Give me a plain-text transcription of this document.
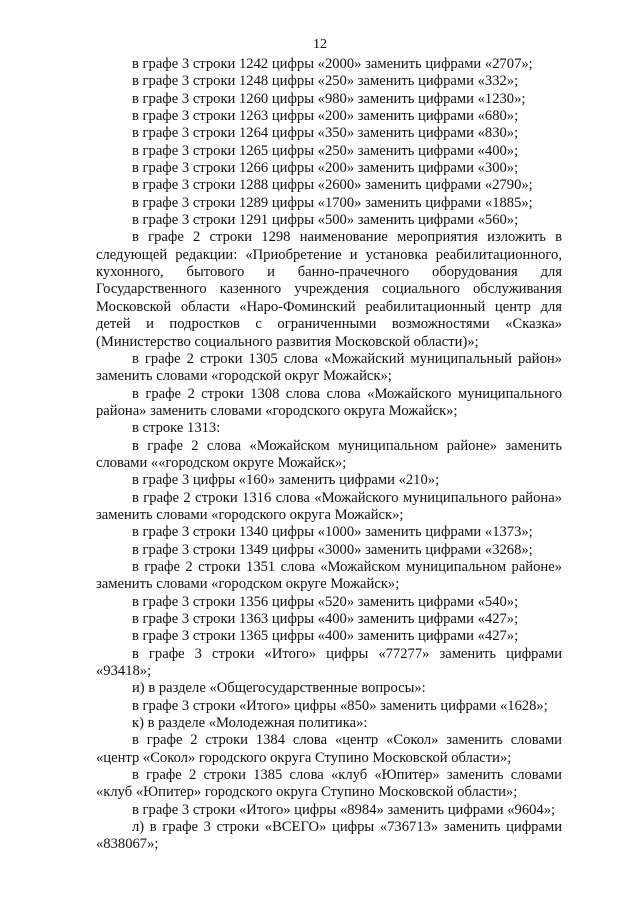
12

в графе 3 строки 1242 цифры «2000» заменить цифрами «2707»;

в графе 3 строки 1248 цифры «250» заменить цифрами «332»;

в графе 3 строки 1260 цифры «980» заменить цифрами «1230»;

в графе 3 строки 1263 цифры «200» заменить цифрами «680»;

в графе 3 строки 1264 цифры «350» заменить цифрами «830»;

в графе 3 строки 1265 цифры «250» заменить цифрами «400»;

в графе 3 строки 1266 цифры «200» заменить цифрами «300»;

в графе 3 строки 1288 цифры «2600» заменить цифрами «2790»;

в графе 3 строки 1289 цифры «1700» заменить цифрами «1885»;

в графе 3 строки 1291 цифры «500» заменить цифрами «560»;

в графе 2 строки 1298 наименование мероприятия изложить в следующей редакции: «Приобретение и установка реабилитационного, кухонного, бытового и банно-прачечного оборудования для Государственного казенного учреждения социального обслуживания Московской области «Наро-Фоминский реабилитационный центр для детей и подростков с ограниченными возможностями «Сказка» (Министерство социального развития Московской области)»;

в графе 2 строки 1305 слова «Можайский муниципальный район» заменить словами «городской округ Можайск»;

в графе 2 строки 1308 слова слова «Можайского муниципального района» заменить словами «городского округа Можайск»;

в строке 1313:

в графе 2 слова «Можайском муниципальном районе» заменить словами ««городском округе Можайск»;

в графе 3 цифры «160» заменить цифрами «210»;

в графе 2 строки 1316 слова «Можайского муниципального района» заменить словами «городского округа Можайск»;

в графе 3 строки 1340 цифры «1000» заменить цифрами «1373»;

в графе 3 строки 1349 цифры «3000» заменить цифрами «3268»;

в графе 2 строки 1351 слова «Можайском муниципальном районе» заменить словами «городском округе Можайск»;

в графе 3 строки 1356 цифры «520» заменить цифрами «540»;

в графе 3 строки 1363 цифры «400» заменить цифрами «427»;

в графе 3 строки 1365 цифры «400» заменить цифрами «427»;

в графе 3 строки «Итого» цифры «77277» заменить цифрами «93418»;

и) в разделе «Общегосударственные вопросы»:

в графе 3 строки «Итого» цифры «850» заменить цифрами «1628»;

к) в разделе «Молодежная политика»:

в графе 2 строки 1384 слова «центр «Сокол» заменить словами «центр «Сокол» городского округа Ступино Московской области»;

в графе 2 строки 1385 слова «клуб «Юпитер» заменить словами «клуб «Юпитер» городского округа Ступино Московской области»;

в графе 3 строки «Итого» цифры «8984» заменить цифрами «9604»;

л) в графе 3 строки «ВСЕГО» цифры «736713» заменить цифрами «838067»;
